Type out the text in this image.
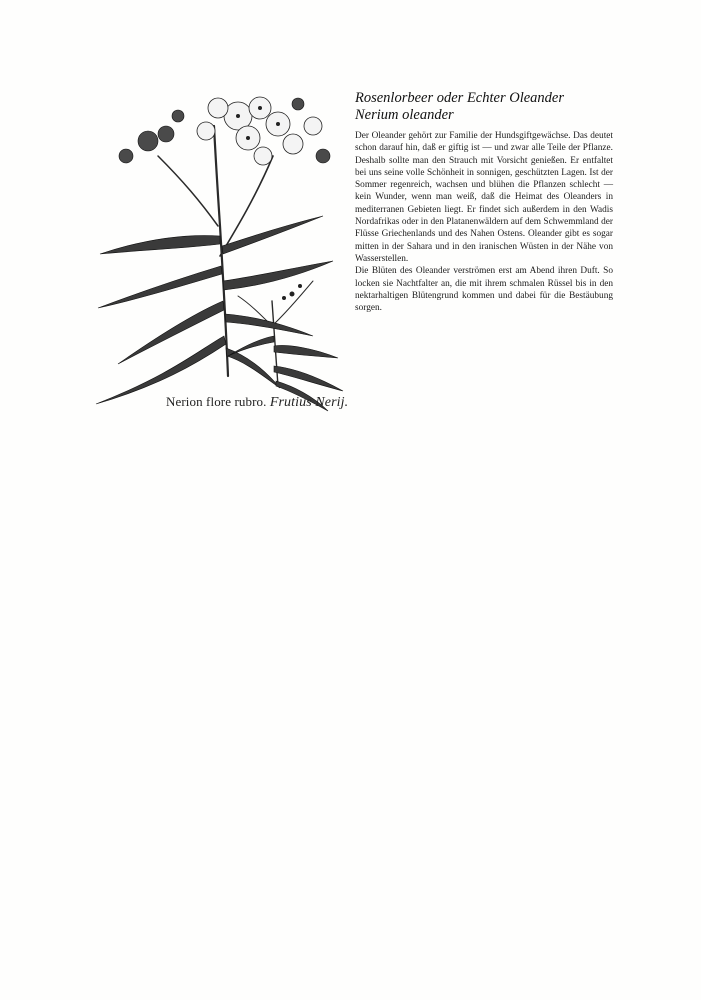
Nerion flore rubro. Frutius Nerij.
Rosenlorbeer oder Echter Oleander
Nerium oleander

Der Oleander gehört zur Familie der Hundsgiftgewächse. Das deutet schon darauf hin, daß er giftig ist — und zwar alle Teile der Pflanze. Deshalb sollte man den Strauch mit Vorsicht genießen. Er entfaltet bei uns seine volle Schönheit in sonnigen, geschützten Lagen. Ist der Sommer regenreich, wachsen und blühen die Pflanzen schlecht — kein Wunder, wenn man weiß, daß die Heimat des Oleanders in mediterranen Gebieten liegt. Er findet sich außerdem in den Wadis Nordafrikas oder in den Platanenwäldern auf dem Schwemmland der Flüsse Griechenlands und des Nahen Ostens. Oleander gibt es sogar mitten in der Sahara und in den iranischen Wüsten in der Nähe von Wasserstellen.

Die Blüten des Oleander verströmen erst am Abend ihren Duft. So locken sie Nachtfalter an, die mit ihrem schmalen Rüssel bis in den nektarhaltigen Blütengrund kommen und dabei für die Bestäubung sorgen.
